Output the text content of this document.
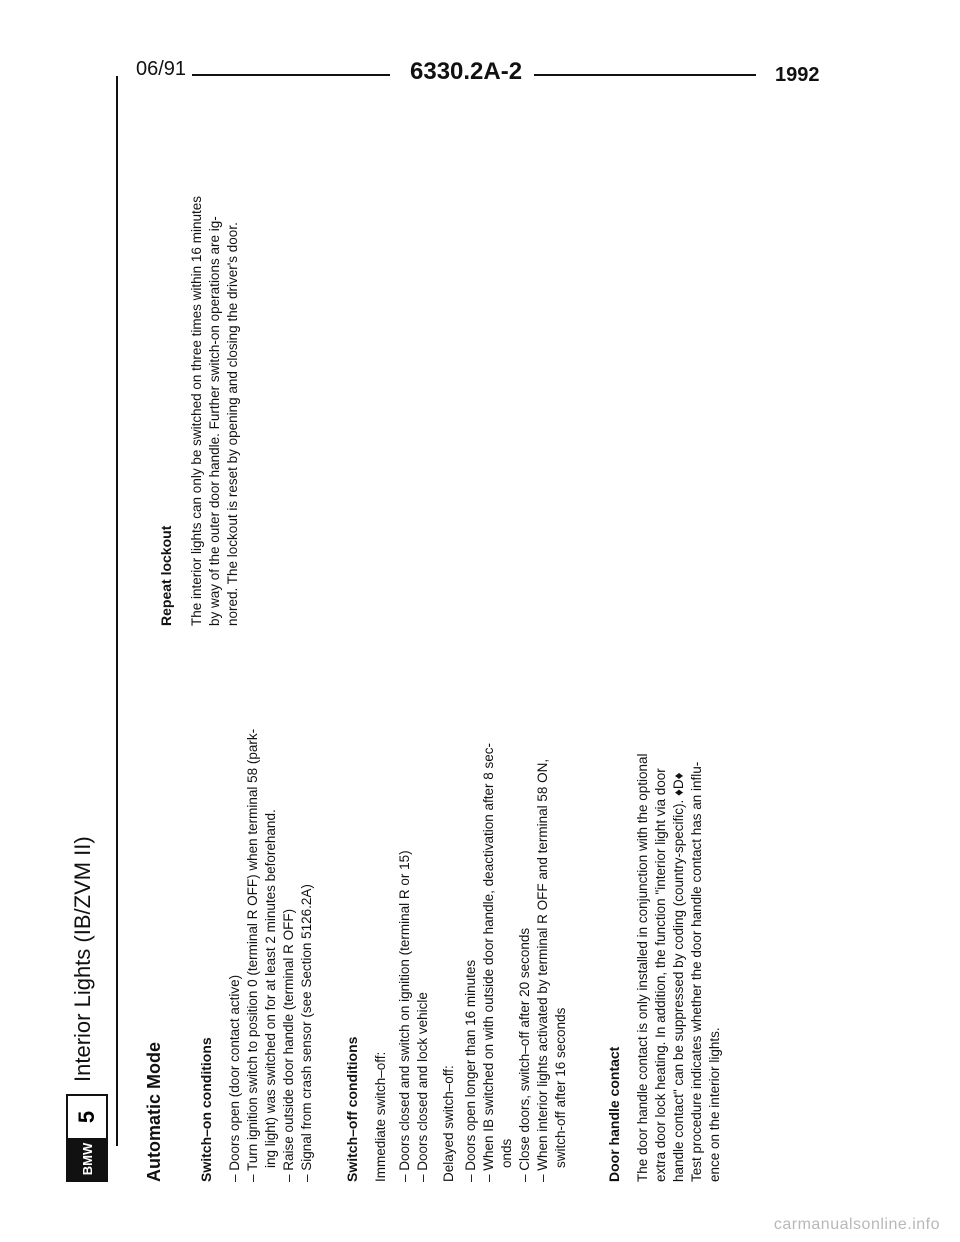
06/91	6330.2A-2	1992
BMW
5
Interior Lights (IB/ZVM II)
Automatic Mode Switch–on conditions – Doors open (door contact active) – Turn ignition switch to position 0 (terminal R OFF) when terminal 58 (park- ing light) was switched on for at least 2 minutes beforehand. – Raise outside door handle (terminal R OFF) – Signal from crash sensor (see Section 5126.2A) Switch–off conditions Immediate switch–off: – Doors closed and switch on ignition (terminal R or 15) – Doors closed and lock vehicle Delayed switch–off: – Doors open longer than 16 minutes – When IB switched on with outside door handle, deactivation after 8 sec- onds – Close doors, switch–off after 20 seconds – When interior lights activated by terminal R OFF and terminal 58 ON, switch-off after 16 seconds	Door handle contact The door handle contact is only installed in conjunction with the optional extra door lock heating. In addition, the function "interior light via door handle contact" can be suppressed by coding (country-specific). ♦D♦ Test procedure indicates whether the door handle contact has an influ- ence on the interior lights.
Repeat lockout The interior lights can only be switched on three times within 16 minutes by way of the outer door handle. Further switch-on operations are ig- nored. The lockout is reset by opening and closing the driver's door.
carmanualsonline.info
